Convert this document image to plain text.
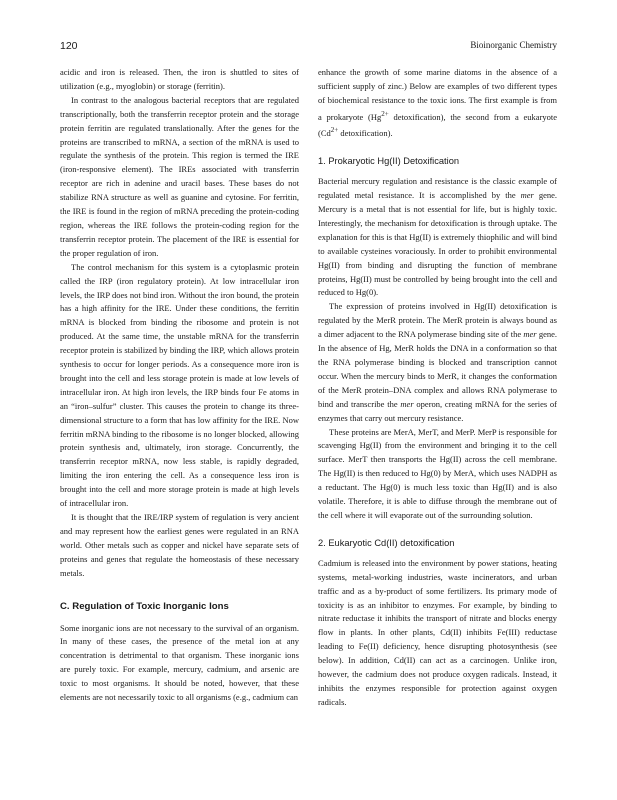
120	Bioinorganic Chemistry

acidic and iron is released. Then, the iron is shuttled to sites of utilization (e.g., myoglobin) or storage (ferritin).

In contrast to the analogous bacterial receptors that are regulated transcriptionally, both the transferrin receptor protein and the storage protein ferritin are regulated translationally. After the genes for the proteins are transcribed to mRNA, a section of the mRNA is used to regulate the synthesis of the protein. This region is termed the IRE (iron-responsive element). The IREs associated with transferrin receptor are rich in adenine and uracil bases. These bases do not stabilize RNA structure as well as guanine and cytosine. For ferritin, the IRE is found in the region of mRNA preceding the protein-coding region, whereas the IRE follows the protein-coding region for the transferrin receptor protein. The placement of the IRE is essential for the proper regulation of iron.

The control mechanism for this system is a cytoplasmic protein called the IRP (iron regulatory protein). At low intracellular iron levels, the IRP does not bind iron. Without the iron bound, the protein has a high affinity for the IRE. Under these conditions, the ferritin mRNA is blocked from binding the ribosome and protein is not produced. At the same time, the unstable mRNA for the transferrin receptor protein is stabilized by binding the IRP, which allows protein synthesis to occur for longer periods. As a consequence more iron is brought into the cell and less storage protein is made at low levels of intracellular iron. At high iron levels, the IRP binds four Fe atoms in an “iron–sulfur” cluster. This causes the protein to change its three-dimensional structure to a form that has low affinity for the IRE. Now ferritin mRNA binding to the ribosome is no longer blocked, allowing protein synthesis and, ultimately, iron storage. Concurrently, the transferrin receptor mRNA, now less stable, is rapidly degraded, limiting the iron entering the cell. As a consequence less iron is brought into the cell and more storage protein is made at high levels of intracellular iron.

It is thought that the IRE/IRP system of regulation is very ancient and may represent how the earliest genes were regulated in an RNA world. Other metals such as copper and nickel have separate sets of proteins and genes that regulate the homeostasis of these necessary metals.

C. Regulation of Toxic Inorganic Ions

Some inorganic ions are not necessary to the survival of an organism. In many of these cases, the presence of the metal ion at any concentration is detrimental to that organism. These inorganic ions are purely toxic. For example, mercury, cadmium, and arsenic are toxic to most organisms. It should be noted, however, that these elements are not necessarily toxic to all organisms (e.g., cadmium can

enhance the growth of some marine diatoms in the absence of a sufficient supply of zinc.) Below are examples of two different types of biochemical resistance to the toxic ions. The first example is from a prokaryote ($Hg^{2+}$ detoxification), the second from a eukaryote ($Cd^{2+}$ detoxification).

1. Prokaryotic Hg(II) Detoxification

Bacterial mercury regulation and resistance is the classic example of regulated metal resistance. It is accomplished by the mer gene. Mercury is a metal that is not essential for life, but is highly toxic. Interestingly, the mechanism for detoxification is through uptake. The explanation for this is that Hg(II) is extremely thiophilic and will bind to available cysteines voraciously. In order to prohibit environmental Hg(II) from binding and disrupting the function of membrane proteins, Hg(II) must be controlled by being brought into the cell and reduced to Hg(0).

The expression of proteins involved in Hg(II) detoxification is regulated by the MerR protein. The MerR protein is always bound as a dimer adjacent to the RNA polymerase binding site of the mer gene. In the absence of Hg, MerR holds the DNA in a conformation so that the RNA polymerase binding is blocked and transcription cannot occur. When the mercury binds to MerR, it changes the conformation of the MerR protein–DNA complex and allows RNA polymerase to bind and transcribe the mer operon, creating mRNA for the series of enzymes that carry out mercury resistance.

These proteins are MerA, MerT, and MerP. MerP is responsible for scavenging Hg(II) from the environment and bringing it to the cell surface. MerT then transports the Hg(II) across the cell membrane. The Hg(II) is then reduced to Hg(0) by MerA, which uses NADPH as a reductant. The Hg(0) is much less toxic than Hg(II) and is also volatile. Therefore, it is able to diffuse through the membrane out of the cell where it will evaporate out of the surrounding solution.

2. Eukaryotic Cd(II) detoxification

Cadmium is released into the environment by power stations, heating systems, metal-working industries, waste incinerators, and urban traffic and as a by-product of some fertilizers. Its primary mode of toxicity is as an inhibitor to enzymes. For example, by binding to nitrate reductase it inhibits the transport of nitrate and blocks energy flow in plants. In other plants, Cd(II) inhibits Fe(III) reductase leading to Fe(II) deficiency, hence disrupting photosynthesis (see below). In addition, Cd(II) can act as a carcinogen. Unlike iron, however, the cadmium does not produce oxygen radicals. Instead, it inhibits the enzymes responsible for protection against oxygen radicals.
